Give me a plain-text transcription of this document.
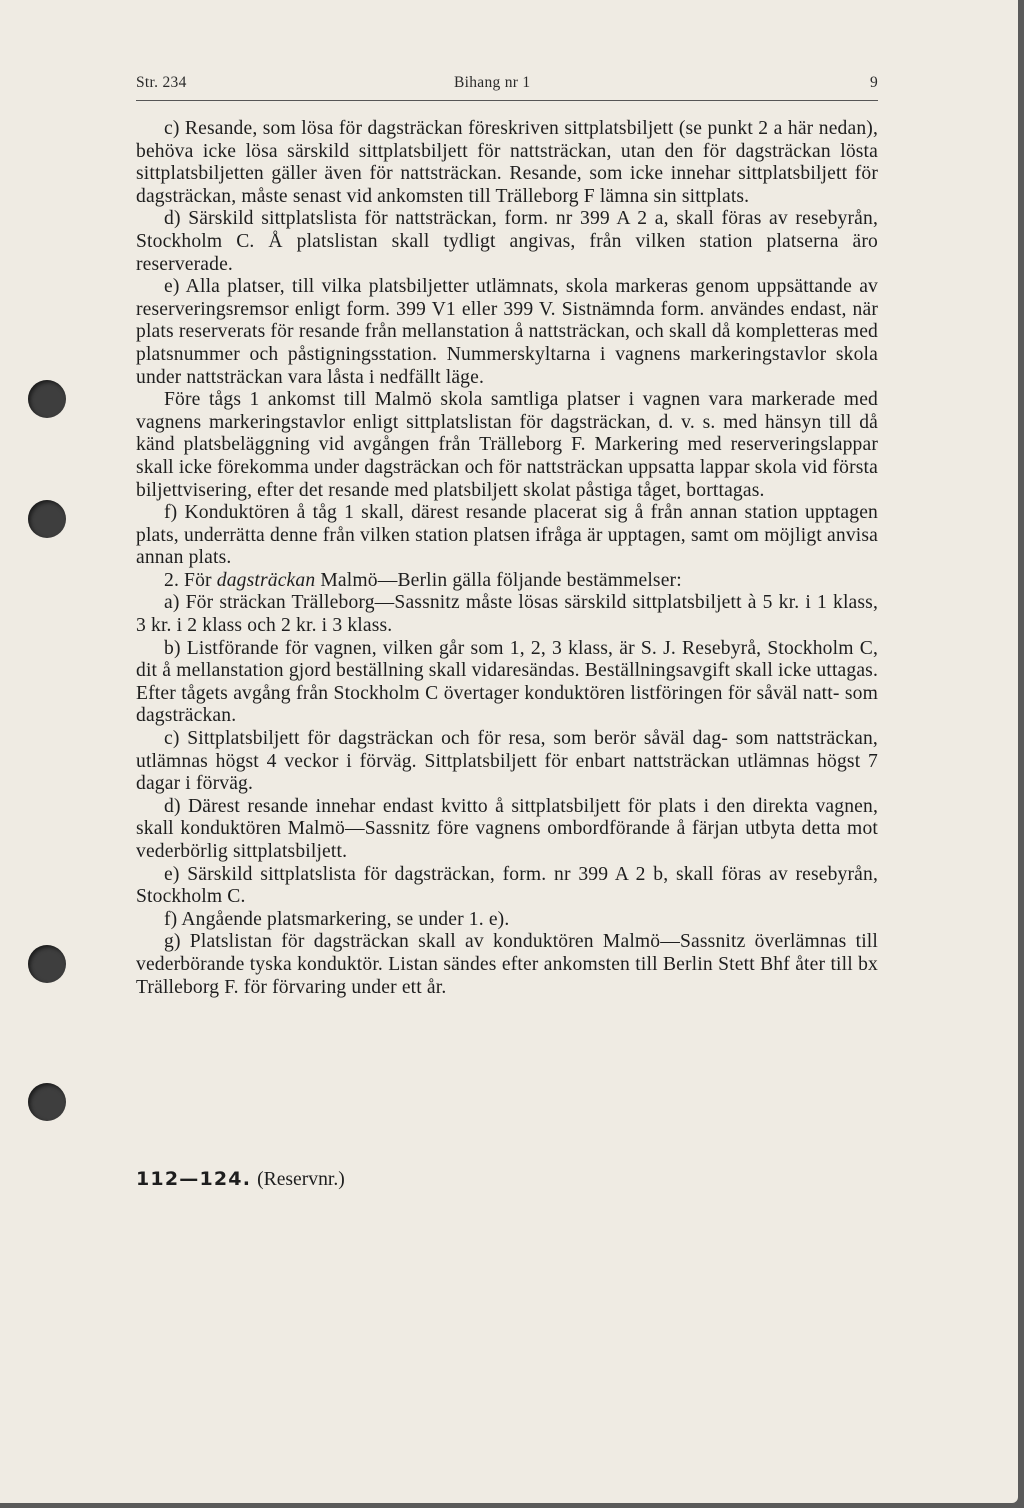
Str. 234	Bihang nr 1	9

c) Resande, som lösa för dagsträckan föreskriven sittplatsbiljett (se punkt 2 a här nedan), behöva icke lösa särskild sittplatsbiljett för nattsträckan, utan den för dagsträckan lösta sittplatsbiljetten gäller även för nattsträckan. Resande, som icke innehar sittplatsbiljett för dagsträckan, måste senast vid ankomsten till Trälleborg F lämna sin sittplats.

d) Särskild sittplatslista för nattsträckan, form. nr 399 A 2 a, skall föras av resebyrån, Stockholm C. Å platslistan skall tydligt angivas, från vilken station platserna äro reserverade.

e) Alla platser, till vilka platsbiljetter utlämnats, skola markeras genom uppsättande av reserveringsremsor enligt form. 399 V1 eller 399 V. Sistnämnda form. användes endast, när plats reserverats för resande från mellanstation å nattsträckan, och skall då kompletteras med platsnummer och påstigningsstation. Nummerskyltarna i vagnens markeringstavlor skola under nattsträckan vara låsta i nedfällt läge.

Före tågs 1 ankomst till Malmö skola samtliga platser i vagnen vara markerade med vagnens markeringstavlor enligt sittplatslistan för dagsträckan, d. v. s. med hänsyn till då känd platsbeläggning vid avgången från Trälleborg F. Markering med reserveringslappar skall icke förekomma under dagsträckan och för nattsträckan uppsatta lappar skola vid första biljettvisering, efter det resande med platsbiljett skolat påstiga tåget, borttagas.

f) Konduktören å tåg 1 skall, därest resande placerat sig å från annan station upptagen plats, underrätta denne från vilken station platsen ifråga är upptagen, samt om möjligt anvisa annan plats.

2. För dagsträckan Malmö—Berlin gälla följande bestämmelser:

a) För sträckan Trälleborg—Sassnitz måste lösas särskild sittplatsbiljett à 5 kr. i 1 klass, 3 kr. i 2 klass och 2 kr. i 3 klass.

b) Listförande för vagnen, vilken går som 1, 2, 3 klass, är S. J. Resebyrå, Stockholm C, dit å mellanstation gjord beställning skall vidaresändas. Beställningsavgift skall icke uttagas. Efter tågets avgång från Stockholm C övertager konduktören listföringen för såväl natt- som dagsträckan.

c) Sittplatsbiljett för dagsträckan och för resa, som berör såväl dag- som nattsträckan, utlämnas högst 4 veckor i förväg. Sittplatsbiljett för enbart nattsträckan utlämnas högst 7 dagar i förväg.

d) Därest resande innehar endast kvitto å sittplatsbiljett för plats i den direkta vagnen, skall konduktören Malmö—Sassnitz före vagnens ombordförande å färjan utbyta detta mot vederbörlig sittplatsbiljett.

e) Särskild sittplatslista för dagsträckan, form. nr 399 A 2 b, skall föras av resebyrån, Stockholm C.

f) Angående platsmarkering, se under 1. e).

g) Platslistan för dagsträckan skall av konduktören Malmö—Sassnitz överlämnas till vederbörande tyska konduktör. Listan sändes efter ankomsten till Berlin Stett Bhf åter till bx Trälleborg F. för förvaring under ett år.

112—124. (Reservnr.)
